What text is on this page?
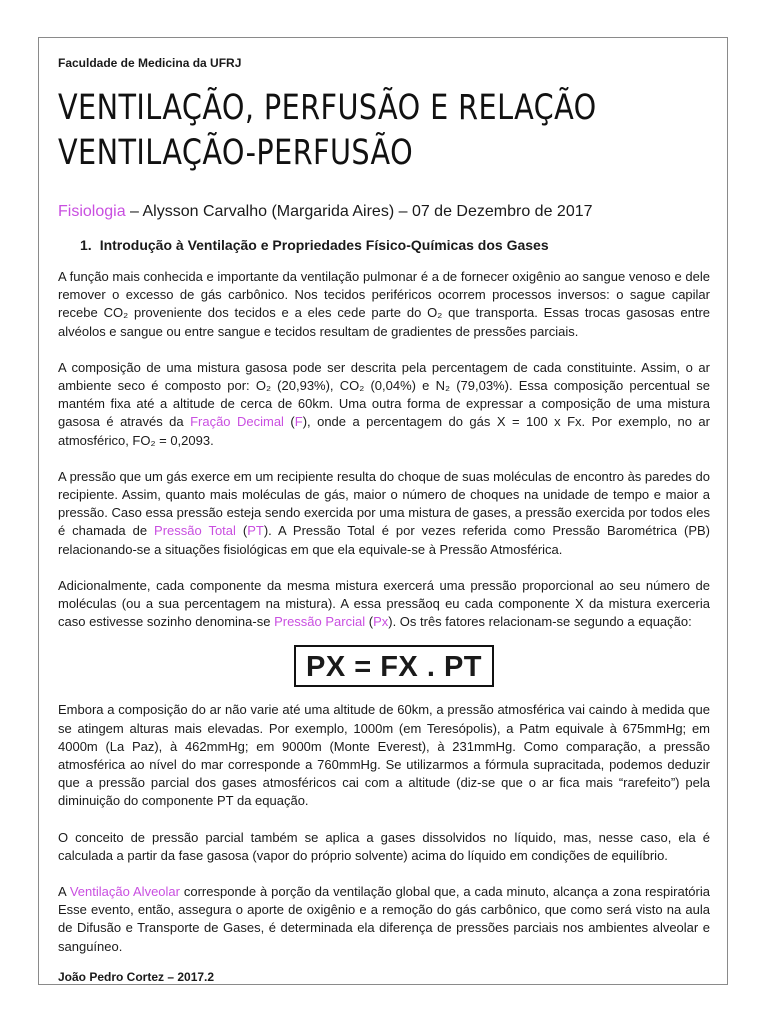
Faculdade de Medicina da UFRJ
VENTILAÇÃO, PERFUSÃO E RELAÇÃO
VENTILAÇÃO-PERFUSÃO
Fisiologia – Alysson Carvalho (Margarida Aires) – 07 de Dezembro de 2017
1. Introdução à Ventilação e Propriedades Físico-Químicas dos Gases

A função mais conhecida e importante da ventilação pulmonar é a de fornecer oxigênio ao sangue venoso e dele remover o excesso de gás carbônico. Nos tecidos periféricos ocorrem processos inversos: o sague capilar recebe CO₂ proveniente dos tecidos e a eles cede parte do O₂ que transporta. Essas trocas gasosas entre alvéolos e sangue ou entre sangue e tecidos resultam de gradientes de pressões parciais.

A composição de uma mistura gasosa pode ser descrita pela percentagem de cada constituinte. Assim, o ar ambiente seco é composto por: O₂ (20,93%), CO₂ (0,04%) e N₂ (79,03%). Essa composição percentual se mantém fixa até a altitude de cerca de 60km. Uma outra forma de expressar a composição de uma mistura gasosa é através da Fração Decimal (F), onde a percentagem do gás X = 100 x Fx. Por exemplo, no ar atmosférico, FO₂ = 0,2093.

A pressão que um gás exerce em um recipiente resulta do choque de suas moléculas de encontro às paredes do recipiente. Assim, quanto mais moléculas de gás, maior o número de choques na unidade de tempo e maior a pressão. Caso essa pressão esteja sendo exercida por uma mistura de gases, a pressão exercida por todos eles é chamada de Pressão Total (PT). A Pressão Total é por vezes referida como Pressão Barométrica (PB) relacionando-se a situações fisiológicas em que ela equivale-se à Pressão Atmosférica.

Adicionalmente, cada componente da mesma mistura exercerá uma pressão proporcional ao seu número de moléculas (ou a sua percentagem na mistura). A essa pressãoq eu cada componente X da mistura exerceria caso estivesse sozinho denomina-se Pressão Parcial (Px). Os três fatores relacionam-se segundo a equação:

PX = FX . PT

Embora a composição do ar não varie até uma altitude de 60km, a pressão atmosférica vai caindo à medida que se atingem alturas mais elevadas. Por exemplo, 1000m (em Teresópolis), a Patm equivale à 675mmHg; em 4000m (La Paz), à 462mmHg; em 9000m (Monte Everest), à 231mmHg. Como comparação, a pressão atmosférica ao nível do mar corresponde a 760mmHg. Se utilizarmos a fórmula supracitada, podemos deduzir que a pressão parcial dos gases atmosféricos cai com a altitude (diz-se que o ar fica mais “rarefeito”) pela diminuição do componente PT da equação.

O conceito de pressão parcial também se aplica a gases dissolvidos no líquido, mas, nesse caso, ela é calculada a partir da fase gasosa (vapor do próprio solvente) acima do líquido em condições de equilíbrio.

A Ventilação Alveolar corresponde à porção da ventilação global que, a cada minuto, alcança a zona respiratória Esse evento, então, assegura o aporte de oxigênio e a remoção do gás carbônico, que como será visto na aula de Difusão e Transporte de Gases, é determinada ela diferença de pressões parciais nos ambientes alveolar e sanguíneo.

João Pedro Cortez – 2017.2
